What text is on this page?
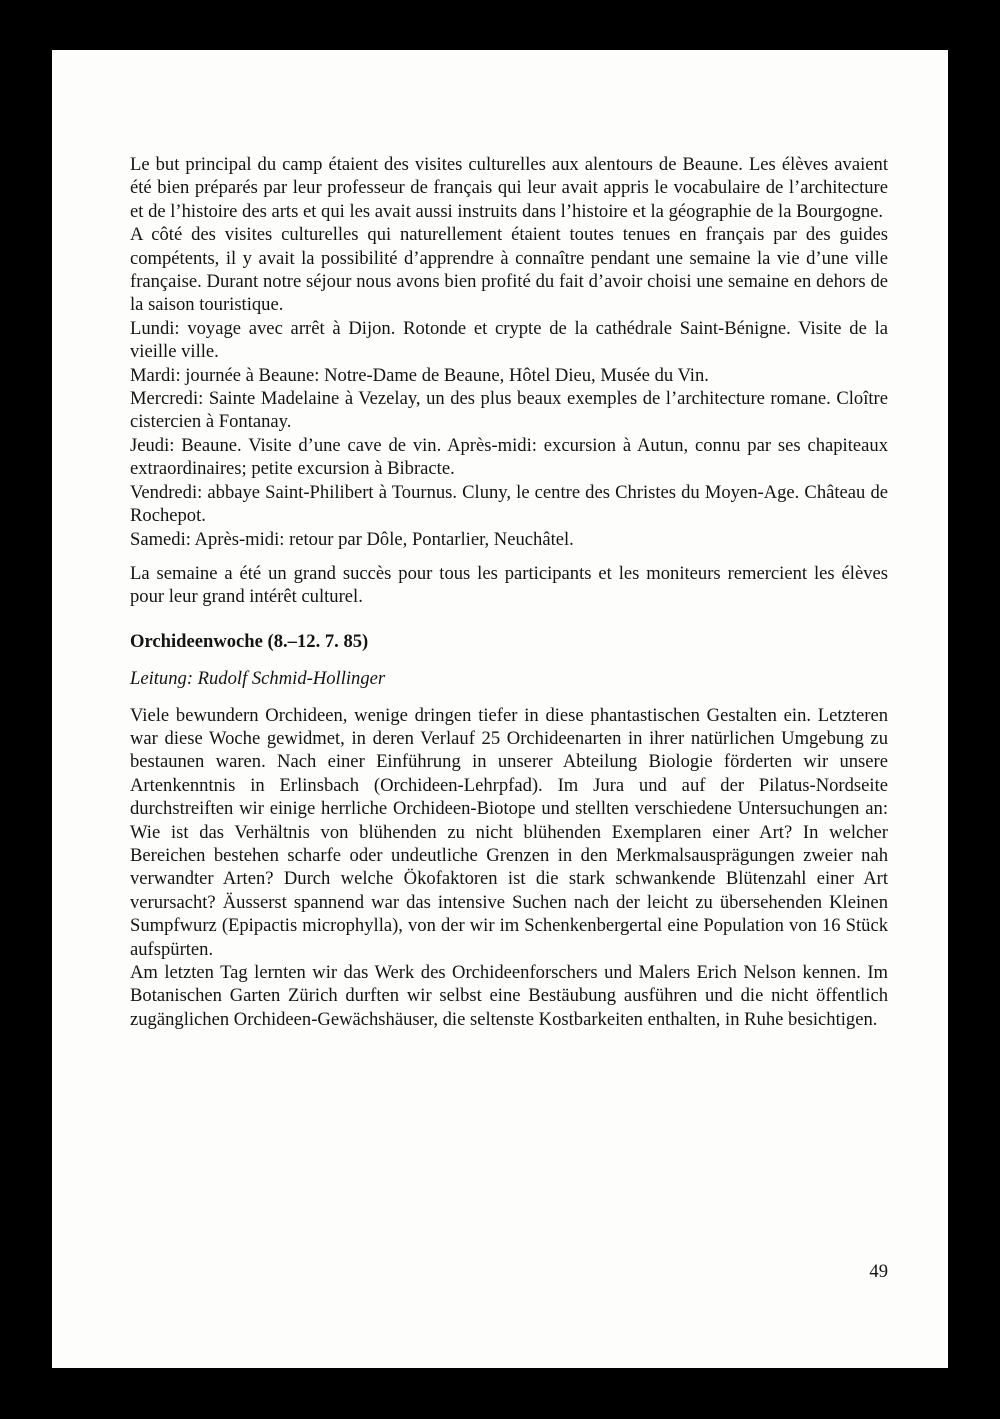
Le but principal du camp étaient des visites culturelles aux alentours de Beaune. Les élèves avaient été bien préparés par leur professeur de français qui leur avait appris le vocabulaire de l’architecture et de l’histoire des arts et qui les avait aussi instruits dans l’histoire et la géographie de la Bourgogne.

A côté des visites culturelles qui naturellement étaient toutes tenues en français par des guides compétents, il y avait la possibilité d’apprendre à connaître pendant une semaine la vie d’une ville française. Durant notre séjour nous avons bien profité du fait d’avoir choisi une semaine en dehors de la saison touristique.

Lundi: voyage avec arrêt à Dijon. Rotonde et crypte de la cathédrale Saint-Bénigne. Visite de la vieille ville.

Mardi: journée à Beaune: Notre-Dame de Beaune, Hôtel Dieu, Musée du Vin.

Mercredi: Sainte Madelaine à Vezelay, un des plus beaux exemples de l’architecture romane. Cloître cistercien à Fontanay.

Jeudi: Beaune. Visite d’une cave de vin. Après-midi: excursion à Autun, connu par ses chapiteaux extraordinaires; petite excursion à Bibracte.

Vendredi: abbaye Saint-Philibert à Tournus. Cluny, le centre des Christes du Moyen-Age. Château de Rochepot.

Samedi: Après-midi: retour par Dôle, Pontarlier, Neuchâtel.

La semaine a été un grand succès pour tous les participants et les moniteurs remercient les élèves pour leur grand intérêt culturel.

Orchideenwoche (8.–12. 7. 85)

Leitung: Rudolf Schmid-Hollinger

Viele bewundern Orchideen, wenige dringen tiefer in diese phantastischen Gestalten ein. Letzteren war diese Woche gewidmet, in deren Verlauf 25 Orchideenarten in ihrer natürlichen Umgebung zu bestaunen waren. Nach einer Einführung in unserer Abteilung Biologie förderten wir unsere Artenkenntnis in Erlinsbach (Orchideen-Lehrpfad). Im Jura und auf der Pilatus-Nordseite durchstreiften wir einige herrliche Orchideen-Biotope und stellten verschiedene Untersuchungen an: Wie ist das Verhältnis von blühenden zu nicht blühenden Exemplaren einer Art? In welcher Bereichen bestehen scharfe oder undeutliche Grenzen in den Merkmalsausprägungen zweier nah verwandter Arten? Durch welche Ökofaktoren ist die stark schwankende Blütenzahl einer Art verursacht? Äusserst spannend war das intensive Suchen nach der leicht zu übersehenden Kleinen Sumpfwurz (Epipactis microphylla), von der wir im Schenkenbergertal eine Population von 16 Stück aufspürten.

Am letzten Tag lernten wir das Werk des Orchideenforschers und Malers Erich Nelson kennen. Im Botanischen Garten Zürich durften wir selbst eine Bestäubung ausführen und die nicht öffentlich zugänglichen Orchideen-Gewächshäuser, die seltenste Kostbarkeiten enthalten, in Ruhe besichtigen.

49
